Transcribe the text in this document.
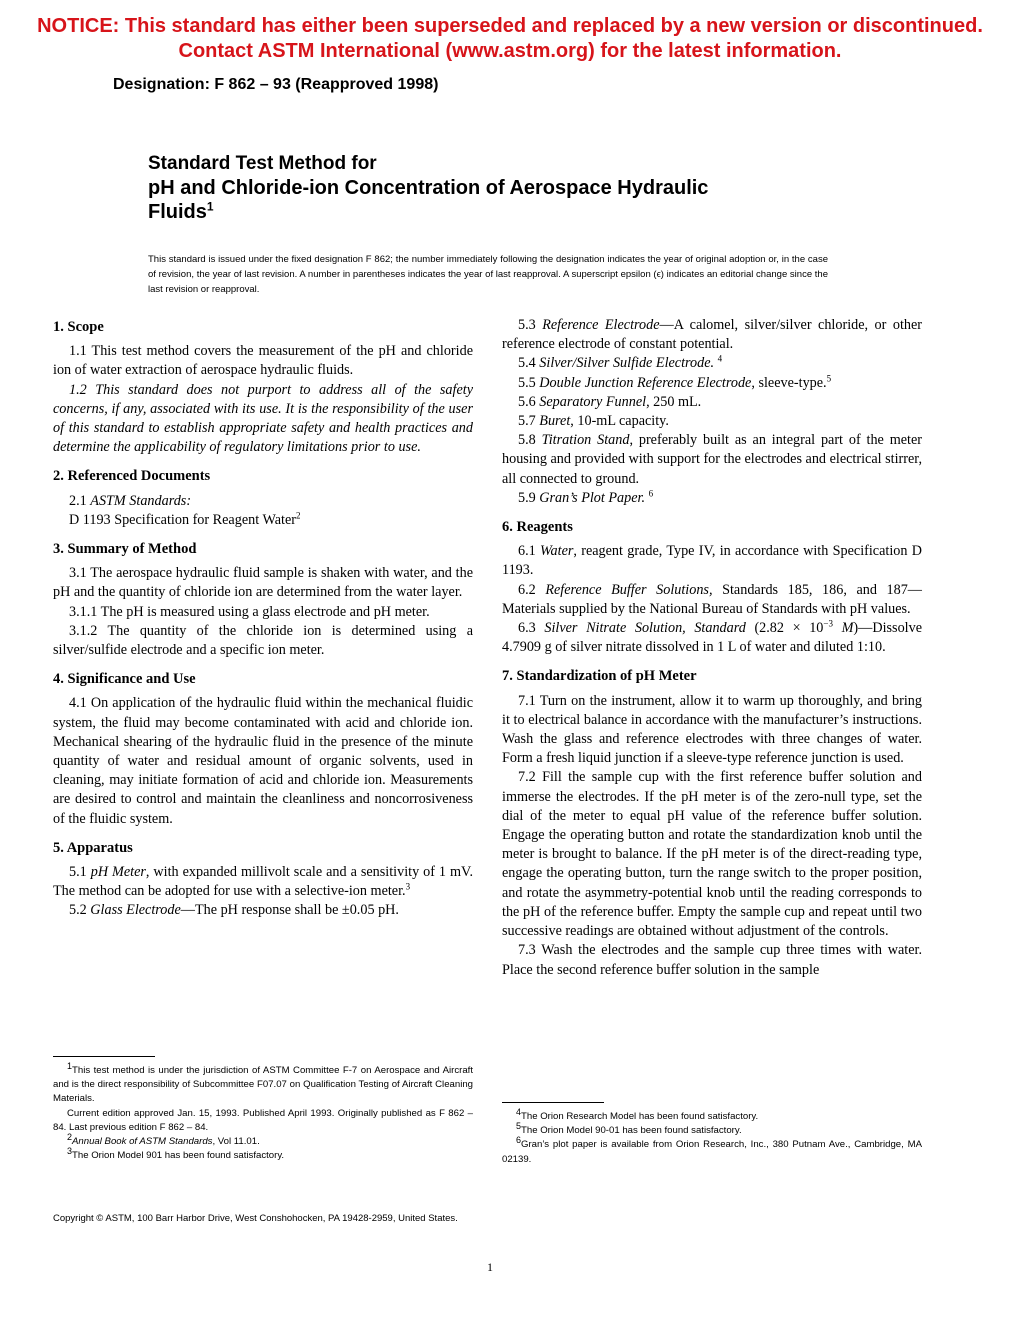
NOTICE: This standard has either been superseded and replaced by a new version or discontinued.
Contact ASTM International (www.astm.org) for the latest information.
Designation: F 862 – 93 (Reapproved 1998)
Standard Test Method for
pH and Chloride-ion Concentration of Aerospace Hydraulic
Fluids$^1$
This standard is issued under the fixed designation F 862; the number immediately following the designation indicates the year of original adoption or, in the case of revision, the year of last revision. A number in parentheses indicates the year of last reapproval. A superscript epsilon (ϵ) indicates an editorial change since the last revision or reapproval.
1. Scope

1.1 This test method covers the measurement of the pH and chloride ion of water extraction of aerospace hydraulic fluids.

1.2 This standard does not purport to address all of the safety concerns, if any, associated with its use. It is the responsibility of the user of this standard to establish appropriate safety and health practices and determine the applicability of regulatory limitations prior to use.

2. Referenced Documents

2.1 ASTM Standards:

D 1193 Specification for Reagent Water$^2$

3. Summary of Method

3.1 The aerospace hydraulic fluid sample is shaken with water, and the pH and the quantity of chloride ion are determined from the water layer.

3.1.1 The pH is measured using a glass electrode and pH meter.

3.1.2 The quantity of the chloride ion is determined using a silver/sulfide electrode and a specific ion meter.

4. Significance and Use

4.1 On application of the hydraulic fluid within the mechanical fluidic system, the fluid may become contaminated with acid and chloride ion. Mechanical shearing of the hydraulic fluid in the presence of the minute quantity of water and residual amount of organic solvents, used in cleaning, may initiate formation of acid and chloride ion. Measurements are desired to control and maintain the cleanliness and noncorrosiveness of the fluidic system.

5. Apparatus

5.1 pH Meter, with expanded millivolt scale and a sensitivity of 1 mV. The method can be adopted for use with a selective-ion meter.$^3$

5.2 Glass Electrode—The pH response shall be ±0.05 pH.

5.3 Reference Electrode—A calomel, silver/silver chloride, or other reference electrode of constant potential.

5.4 Silver/Silver Sulfide Electrode. $^4$

5.5 Double Junction Reference Electrode, sleeve-type.$^5$

5.6 Separatory Funnel, 250 mL.

5.7 Buret, 10-mL capacity.

5.8 Titration Stand, preferably built as an integral part of the meter housing and provided with support for the electrodes and electrical stirrer, all connected to ground.

5.9 Gran’s Plot Paper. $^6$

6. Reagents

6.1 Water, reagent grade, Type IV, in accordance with Specification D 1193.

6.2 Reference Buffer Solutions, Standards 185, 186, and 187—Materials supplied by the National Bureau of Standards with pH values.

6.3 Silver Nitrate Solution, Standard ($2.82 \times 10^{-3}$ M)—Dissolve 4.7909 g of silver nitrate dissolved in 1 L of water and diluted 1:10.

7. Standardization of pH Meter

7.1 Turn on the instrument, allow it to warm up thoroughly, and bring it to electrical balance in accordance with the manufacturer’s instructions. Wash the glass and reference electrodes with three changes of water. Form a fresh liquid junction if a sleeve-type reference junction is used.

7.2 Fill the sample cup with the first reference buffer solution and immerse the electrodes. If the pH meter is of the zero-null type, set the dial of the meter to equal pH value of the reference buffer solution. Engage the operating button and rotate the standardization knob until the meter is brought to balance. If the pH meter is of the direct-reading type, engage the operating button, turn the range switch to the proper position, and rotate the asymmetry-potential knob until the reading corresponds to the pH of the reference buffer. Empty the sample cup and repeat until two successive readings are obtained without adjustment of the controls.

7.3 Wash the electrodes and the sample cup three times with water. Place the second reference buffer solution in the sample

$^1$This test method is under the jurisdiction of ASTM Committee F-7 on Aerospace and Aircraft and is the direct responsibility of Subcommittee F07.07 on Qualification Testing of Aircraft Cleaning Materials.

Current edition approved Jan. 15, 1993. Published April 1993. Originally published as F 862 – 84. Last previous edition F 862 – 84.

$^2$Annual Book of ASTM Standards, Vol 11.01.

$^3$The Orion Model 901 has been found satisfactory.

$^4$The Orion Research Model has been found satisfactory.

$^5$The Orion Model 90-01 has been found satisfactory.

$^6$Gran’s plot paper is available from Orion Research, Inc., 380 Putnam Ave., Cambridge, MA 02139.

Copyright © ASTM, 100 Barr Harbor Drive, West Conshohocken, PA 19428-2959, United States.
1
